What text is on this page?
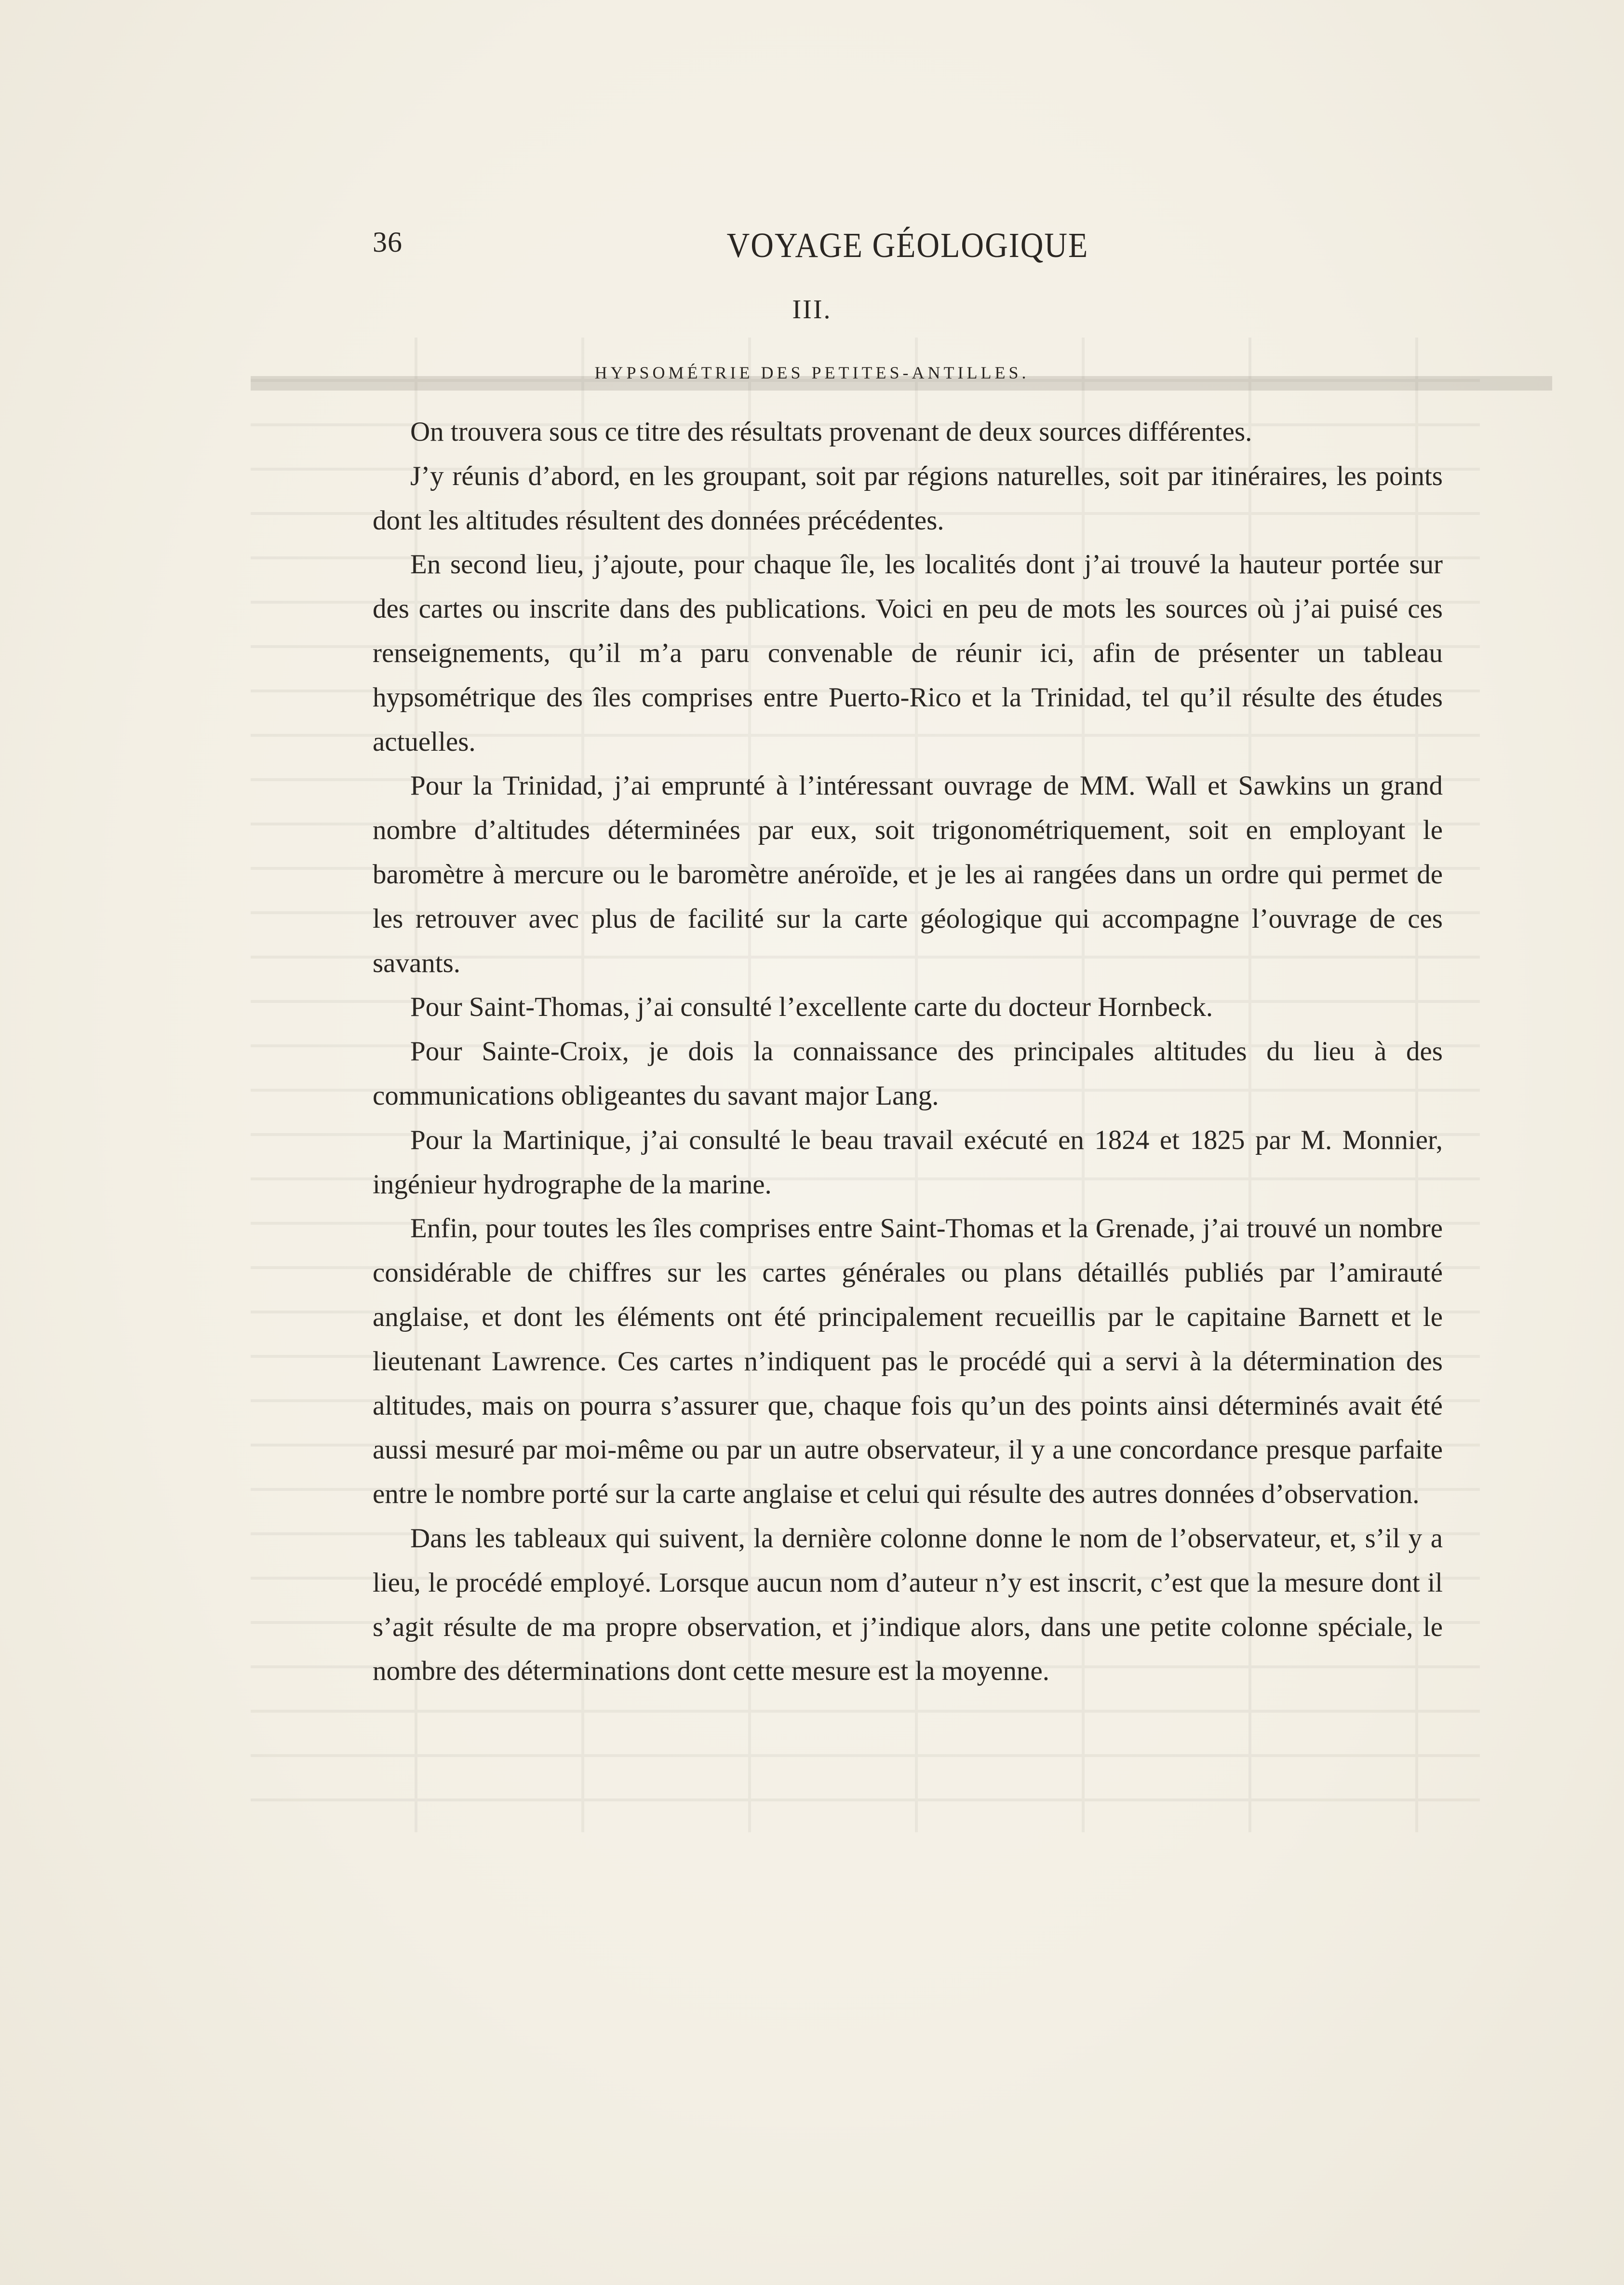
36	VOYAGE GÉOLOGIQUE
III.
HYPSOMÉTRIE DES PETITES-ANTILLES.

On trouvera sous ce titre des résultats provenant de deux sources différentes.

J’y réunis d’abord, en les groupant, soit par régions naturelles, soit par itinéraires, les points dont les altitudes résultent des données précédentes.

En second lieu, j’ajoute, pour chaque île, les localités dont j’ai trouvé la hauteur portée sur des cartes ou inscrite dans des publications. Voici en peu de mots les sources où j’ai puisé ces renseignements, qu’il m’a paru convenable de réunir ici, afin de présenter un tableau hypsométrique des îles comprises entre Puerto-Rico et la Trinidad, tel qu’il résulte des études actuelles.

Pour la Trinidad, j’ai emprunté à l’intéressant ouvrage de MM. Wall et Sawkins un grand nombre d’altitudes déterminées par eux, soit trigonométriquement, soit en employant le baromètre à mercure ou le baromètre anéroïde, et je les ai rangées dans un ordre qui permet de les retrouver avec plus de facilité sur la carte géologique qui accompagne l’ouvrage de ces savants.

Pour Saint-Thomas, j’ai consulté l’excellente carte du docteur Hornbeck.

Pour Sainte-Croix, je dois la connaissance des principales altitudes du lieu à des communications obligeantes du savant major Lang.

Pour la Martinique, j’ai consulté le beau travail exécuté en 1824 et 1825 par M. Monnier, ingénieur hydrographe de la marine.

Enfin, pour toutes les îles comprises entre Saint-Thomas et la Grenade, j’ai trouvé un nombre considérable de chiffres sur les cartes générales ou plans détaillés publiés par l’amirauté anglaise, et dont les éléments ont été principalement recueillis par le capitaine Barnett et le lieutenant Lawrence. Ces cartes n’indiquent pas le procédé qui a servi à la détermination des altitudes, mais on pourra s’assurer que, chaque fois qu’un des points ainsi déterminés avait été aussi mesuré par moi-même ou par un autre observateur, il y a une concordance presque parfaite entre le nombre porté sur la carte anglaise et celui qui résulte des autres données d’observation.

Dans les tableaux qui suivent, la dernière colonne donne le nom de l’observateur, et, s’il y a lieu, le procédé employé. Lorsque aucun nom d’auteur n’y est inscrit, c’est que la mesure dont il s’agit résulte de ma propre observation, et j’indique alors, dans une petite colonne spéciale, le nombre des déterminations dont cette mesure est la moyenne.
